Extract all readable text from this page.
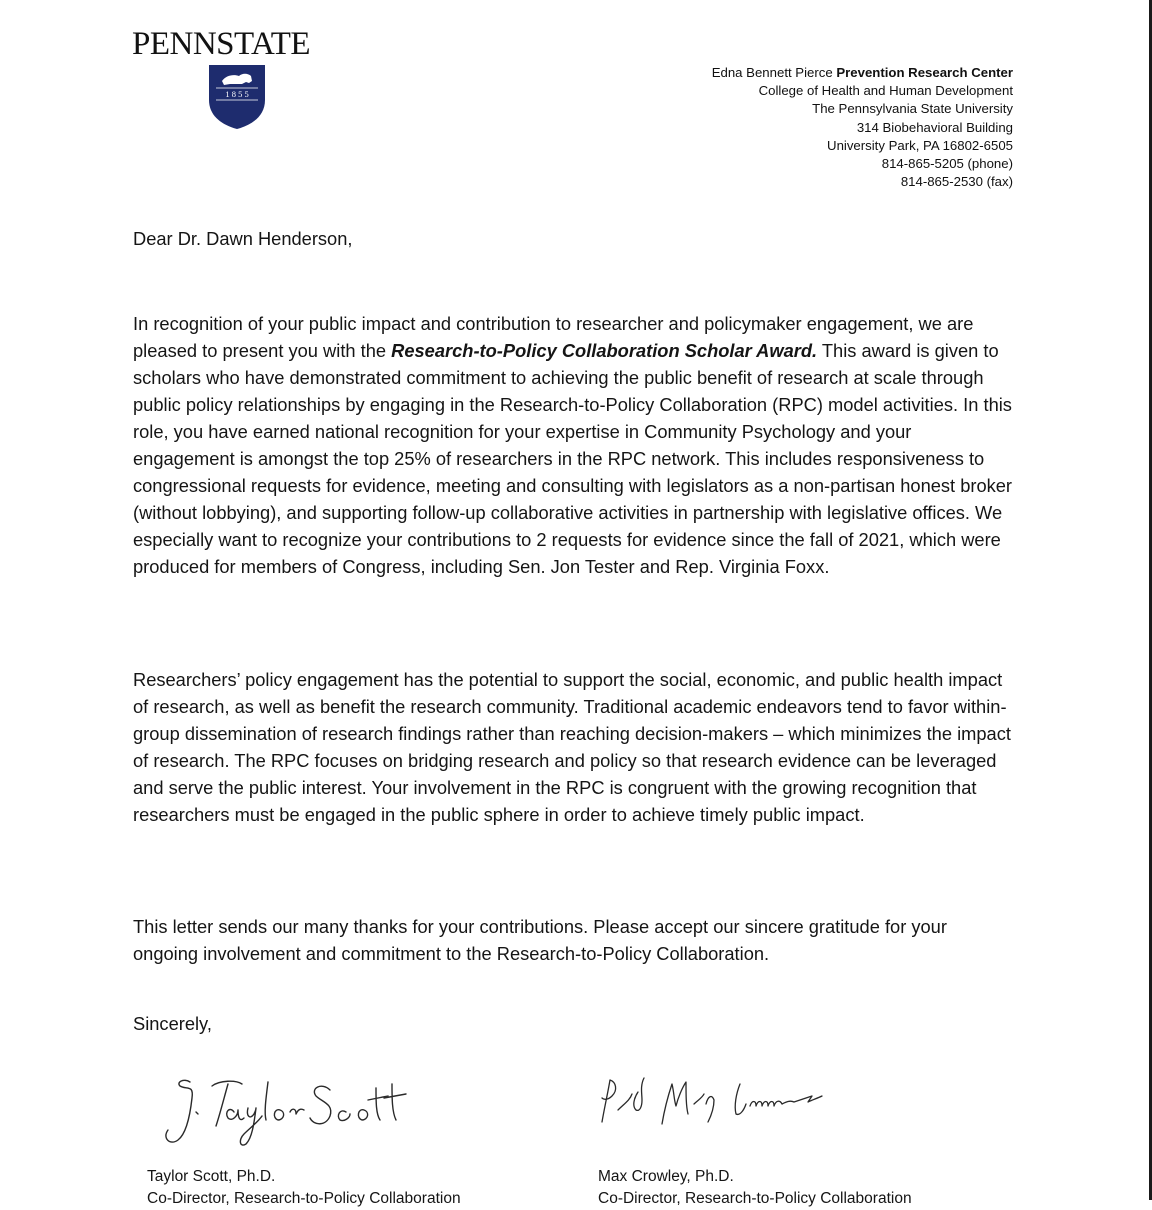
PENNSTATE
1 8 5 5
Edna Bennett Pierce Prevention Research Center
College of Health and Human Development
The Pennsylvania State University
314 Biobehavioral Building
University Park, PA 16802-6505
814-865-5205 (phone)
814-865-2530 (fax)

Dear Dr. Dawn Henderson,

In recognition of your public impact and contribution to researcher and policymaker engagement, we are pleased to present you with the Research-to-Policy Collaboration Scholar Award. This award is given to scholars who have demonstrated commitment to achieving the public benefit of research at scale through public policy relationships by engaging in the Research-to-Policy Collaboration (RPC) model activities. In this role, you have earned national recognition for your expertise in Community Psychology and your engagement is amongst the top 25% of researchers in the RPC network. This includes responsiveness to congressional requests for evidence, meeting and consulting with legislators as a non-partisan honest broker (without lobbying), and supporting follow-up collaborative activities in partnership with legislative offices. We especially want to recognize your contributions to 2 requests for evidence since the fall of 2021, which were produced for members of Congress, including Sen. Jon Tester and Rep. Virginia Foxx.

Researchers’ policy engagement has the potential to support the social, economic, and public health impact of research, as well as benefit the research community. Traditional academic endeavors tend to favor within-group dissemination of research findings rather than reaching decision-makers – which minimizes the impact of research. The RPC focuses on bridging research and policy so that research evidence can be leveraged and serve the public interest. Your involvement in the RPC is congruent with the growing recognition that researchers must be engaged in the public sphere in order to achieve timely public impact.

This letter sends our many thanks for your contributions. Please accept our sincere gratitude for your ongoing involvement and commitment to the Research-to-Policy Collaboration.

Sincerely,

Taylor Scott, Ph.D.
Co-Director, Research-to-Policy Collaboration
Max Crowley, Ph.D.
Co-Director, Research-to-Policy Collaboration
